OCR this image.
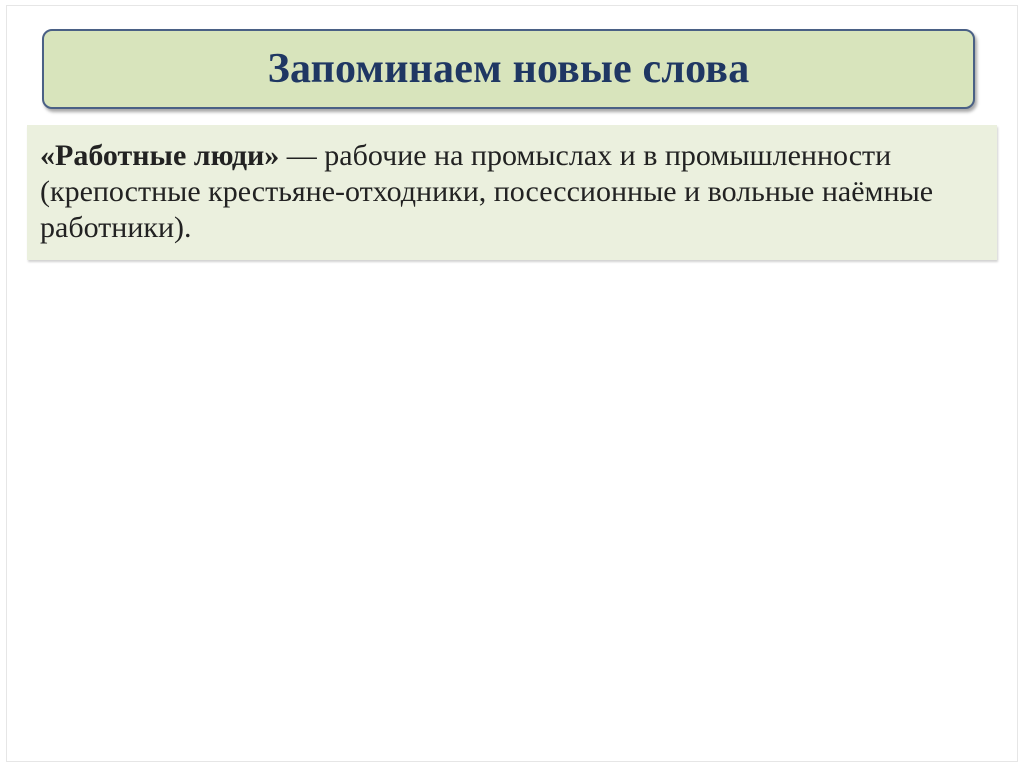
Запоминаем новые слова

«Работные люди» — рабочие на промыслах и в промышленности (крепостные крестьяне-отходники, посессионные и вольные наёмные работники).
